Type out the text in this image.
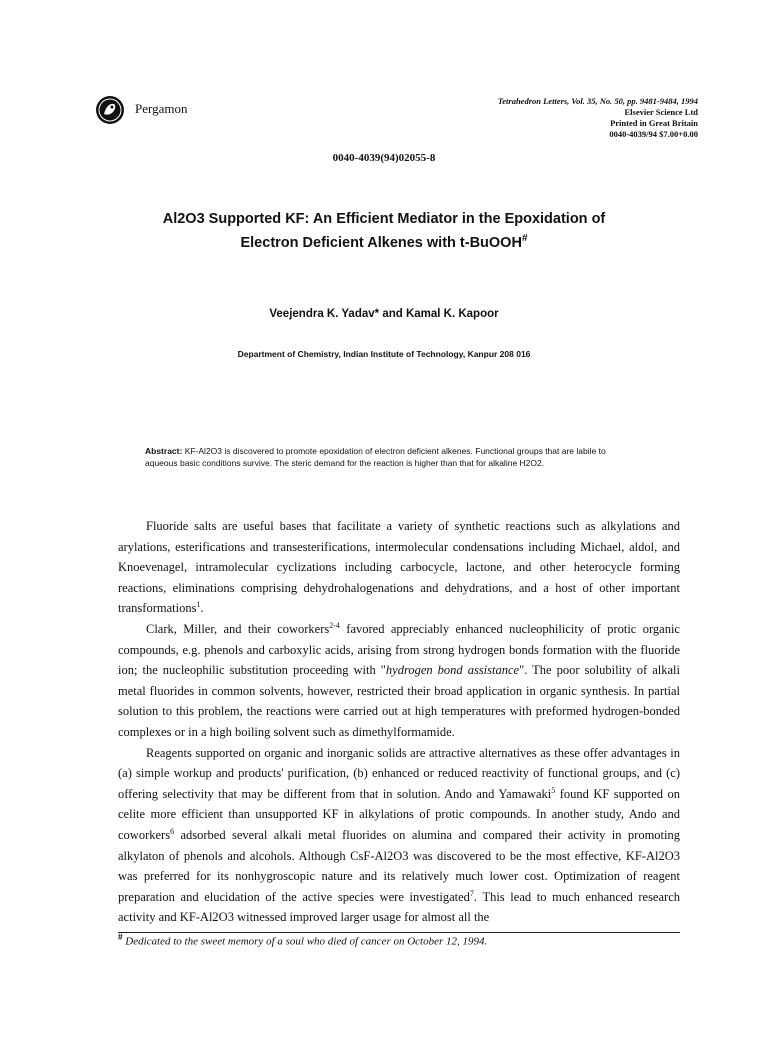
Pergamon	Tetrahedron Letters, Vol. 35, No. 50, pp. 9481-9484, 1994
Elsevier Science Ltd
Printed in Great Britain
0040-4039/94 $7.00+0.00
0040-4039(94)02055-8
Al2O3 Supported KF: An Efficient Mediator in the Epoxidation of
Electron Deficient Alkenes with t-BuOOH#
Veejendra K. Yadav* and Kamal K. Kapoor
Department of Chemistry, Indian Institute of Technology, Kanpur 208 016
Abstract: KF-Al2O3 is discovered to promote epoxidation of electron deficient alkenes. Functional groups that are labile to aqueous basic conditions survive. The steric demand for the reaction is higher than that for alkaline H2O2.

Fluoride salts are useful bases that facilitate a variety of synthetic reactions such as alkylations and arylations, esterifications and transesterifications, intermolecular condensations including Michael, aldol, and Knoevenagel, intramolecular cyclizations including carbocycle, lactone, and other heterocycle forming reactions, eliminations comprising dehydrohalogenations and dehydrations, and a host of other important transformations$^1$.

Clark, Miller, and their coworkers$^{2-4}$ favored appreciably enhanced nucleophilicity of protic organic compounds, e.g. phenols and carboxylic acids, arising from strong hydrogen bonds formation with the fluoride ion; the nucleophilic substitution proceeding with "hydrogen bond assistance". The poor solubility of alkali metal fluorides in common solvents, however, restricted their broad application in organic synthesis. In partial solution to this problem, the reactions were carried out at high temperatures with preformed hydrogen-bonded complexes or in a high boiling solvent such as dimethylformamide.

Reagents supported on organic and inorganic solids are attractive alternatives as these offer advantages in (a) simple workup and products' purification, (b) enhanced or reduced reactivity of functional groups, and (c) offering selectivity that may be different from that in solution. Ando and Yamawaki$^5$ found KF supported on celite more efficient than unsupported KF in alkylations of protic compounds. In another study, Ando and coworkers$^6$ adsorbed several alkali metal fluorides on alumina and compared their activity in promoting alkylaton of phenols and alcohols. Although CsF-Al2O3 was discovered to be the most effective, KF-Al2O3 was preferred for its nonhygroscopic nature and its relatively much lower cost. Optimization of reagent preparation and elucidation of the active species were investigated$^7$. This lead to much enhanced research activity and KF-Al2O3 witnessed improved larger usage for almost all the

# Dedicated to the sweet memory of a soul who died of cancer on October 12, 1994.
